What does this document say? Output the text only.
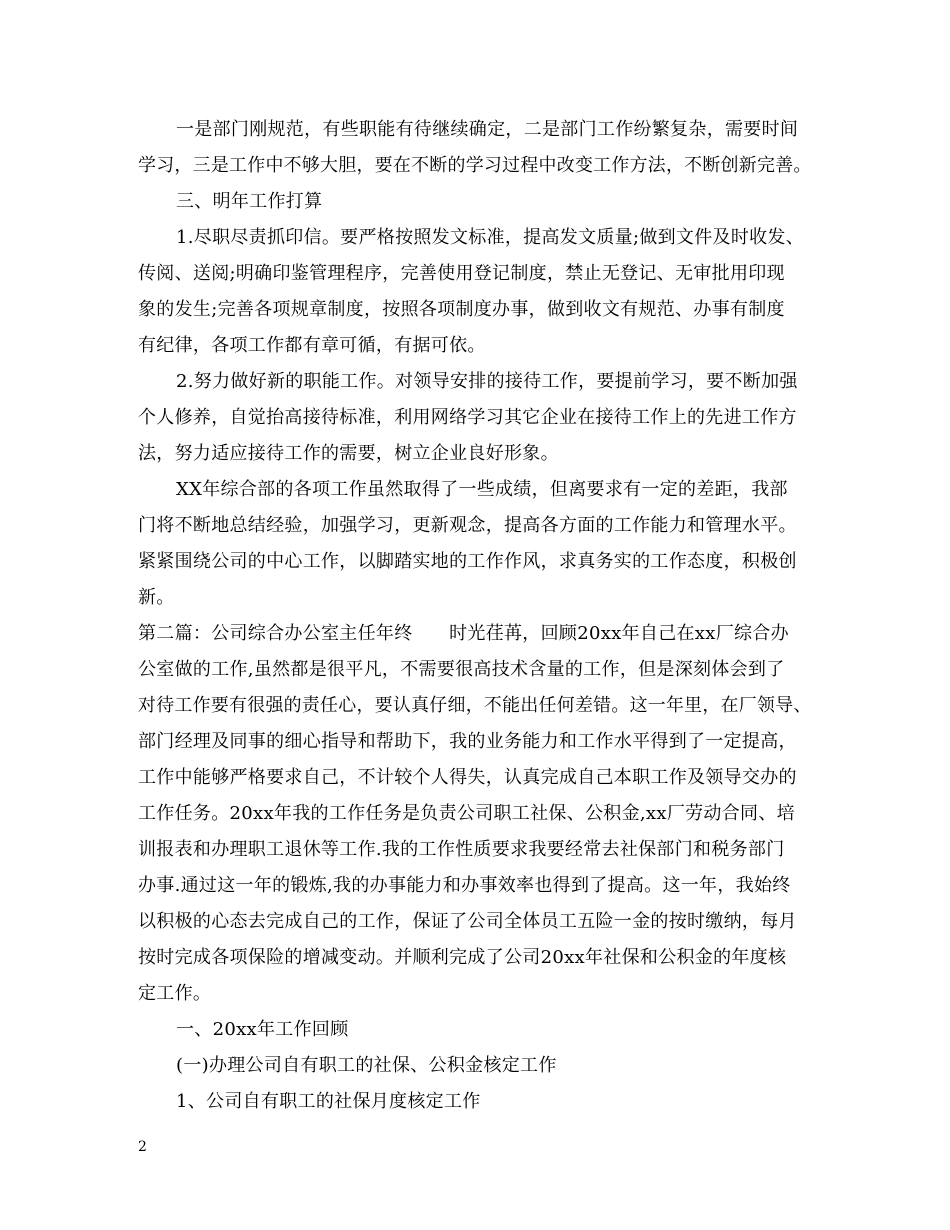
一是部门刚规范，有些职能有待继续确定，二是部门工作纷繁复杂，需要时间
学习，三是工作中不够大胆，要在不断的学习过程中改变工作方法，不断创新完善。
三、明年工作打算
1.尽职尽责抓印信。要严格按照发文标准，提高发文质量;做到文件及时收发、
传阅、送阅;明确印鉴管理程序，完善使用登记制度，禁止无登记、无审批用印现
象的发生;完善各项规章制度，按照各项制度办事，做到收文有规范、办事有制度
有纪律，各项工作都有章可循，有据可依。
2.努力做好新的职能工作。对领导安排的接待工作，要提前学习，要不断加强
个人修养，自觉抬高接待标准，利用网络学习其它企业在接待工作上的先进工作方
法，努力适应接待工作的需要，树立企业良好形象。
XX年综合部的各项工作虽然取得了一些成绩，但离要求有一定的差距，我部
门将不断地总结经验，加强学习，更新观念，提高各方面的工作能力和管理水平。
紧紧围绕公司的中心工作，以脚踏实地的工作作风，求真务实的工作态度，积极创
新。
第二篇：公司综合办公室主任年终　　时光荏苒，回顾20xx年自己在xx厂综合办
公室做的工作,虽然都是很平凡，不需要很高技术含量的工作，但是深刻体会到了
对待工作要有很强的责任心，要认真仔细，不能出任何差错。这一年里，在厂领导、
部门经理及同事的细心指导和帮助下，我的业务能力和工作水平得到了一定提高，
工作中能够严格要求自己，不计较个人得失，认真完成自己本职工作及领导交办的
工作任务。20xx年我的工作任务是负责公司职工社保、公积金,xx厂劳动合同、培
训报表和办理职工退休等工作.我的工作性质要求我要经常去社保部门和税务部门
办事.通过这一年的锻炼,我的办事能力和办事效率也得到了提高。这一年，我始终
以积极的心态去完成自己的工作，保证了公司全体员工五险一金的按时缴纳，每月
按时完成各项保险的增减变动。并顺利完成了公司20xx年社保和公积金的年度核
定工作。
一、20xx年工作回顾
(一)办理公司自有职工的社保、公积金核定工作
1、公司自有职工的社保月度核定工作
2
